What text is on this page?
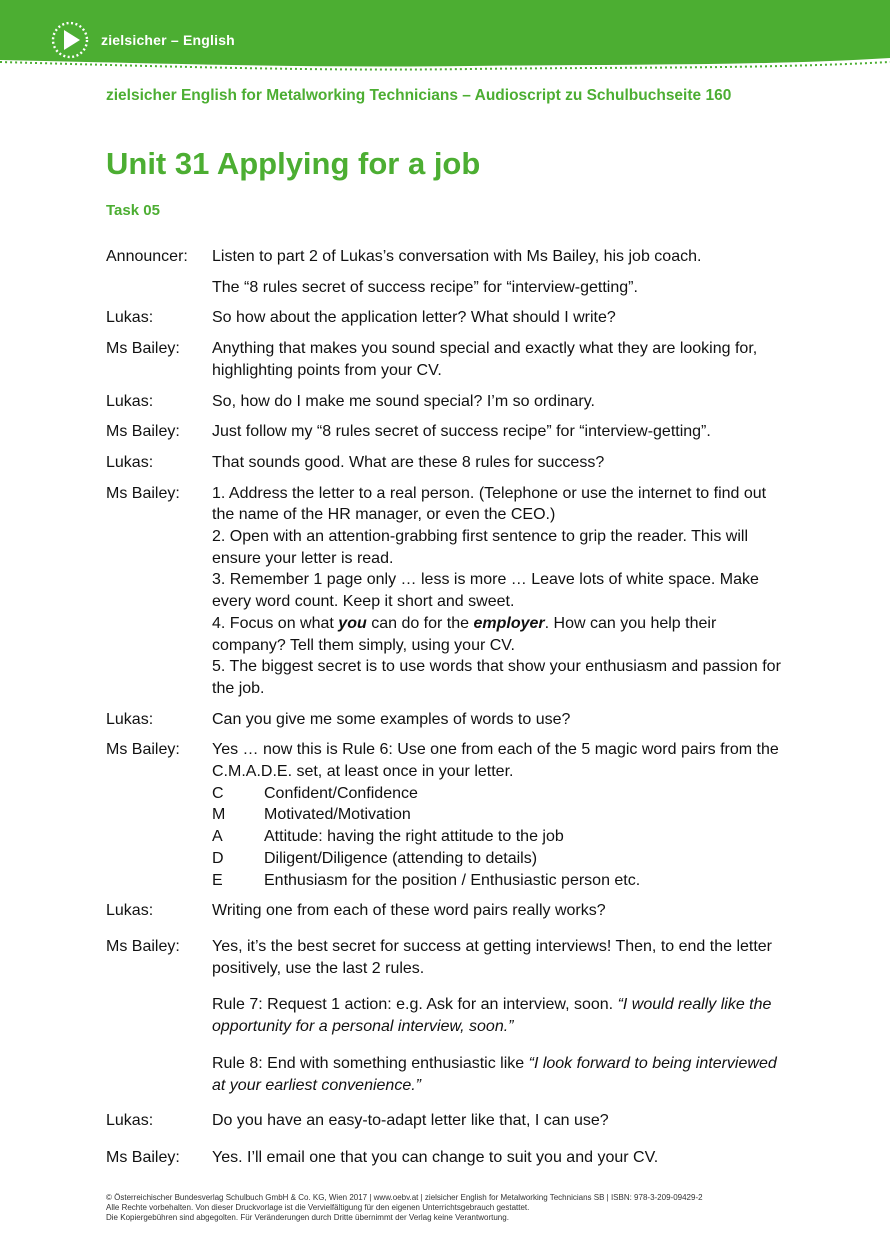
zielsicher – English
zielsicher English for Metalworking Technicians – Audioscript zu Schulbuchseite 160
Unit 31 Applying for a job
Task 05
Announcer:	Listen to part 2 of Lukas’s conversation with Ms Bailey, his job coach.
The “8 rules secret of success recipe” for “interview-getting”.
Lukas:	So how about the application letter? What should I write?
Ms Bailey:	Anything that makes you sound special and exactly what they are looking for, highlighting points from your CV.
Lukas:	So, how do I make me sound special? I’m so ordinary.
Ms Bailey:	Just follow my “8 rules secret of success recipe” for “interview-getting”.
Lukas:	That sounds good. What are these 8 rules for success?
Ms Bailey:	1. Address the letter to a real person. (Telephone or use the internet to find out the name of the HR manager, or even the CEO.)
2. Open with an attention-grabbing first sentence to grip the reader. This will ensure your letter is read.
3. Remember 1 page only … less is more … Leave lots of white space. Make every word count. Keep it short and sweet.
4. Focus on what you can do for the employer. How can you help their company? Tell them simply, using your CV.
5. The biggest secret is to use words that show your enthusiasm and passion for the job.
Lukas:	Can you give me some examples of words to use?
Ms Bailey:	Yes … now this is Rule 6: Use one from each of the 5 magic word pairs from the C.M.A.D.E. set, at least once in your letter.
C	Confident/Confidence
M	Motivated/Motivation
A	Attitude: having the right attitude to the job
D	Diligent/Diligence (attending to details)
E	Enthusiasm for the position / Enthusiastic person etc.
Lukas:	Writing one from each of these word pairs really works?
Ms Bailey:	Yes, it’s the best secret for success at getting interviews! Then, to end the letter positively, use the last 2 rules.
Rule 7: Request 1 action: e.g. Ask for an interview, soon. “I would really like the opportunity for a personal interview, soon.”
Rule 8: End with something enthusiastic like “I look forward to being interviewed at your earliest convenience.”
Lukas:	Do you have an easy-to-adapt letter like that, I can use?
Ms Bailey:	Yes. I’ll email one that you can change to suit you and your CV.
© Österreichischer Bundesverlag Schulbuch GmbH & Co. KG, Wien 2017 | www.oebv.at | zielsicher English for Metalworking Technicians SB | ISBN: 978-3-209-09429-2
Alle Rechte vorbehalten. Von dieser Druckvorlage ist die Vervielfältigung für den eigenen Unterrichtsgebrauch gestattet.
Die Kopiergebühren sind abgegolten. Für Veränderungen durch Dritte übernimmt der Verlag keine Verantwortung.
